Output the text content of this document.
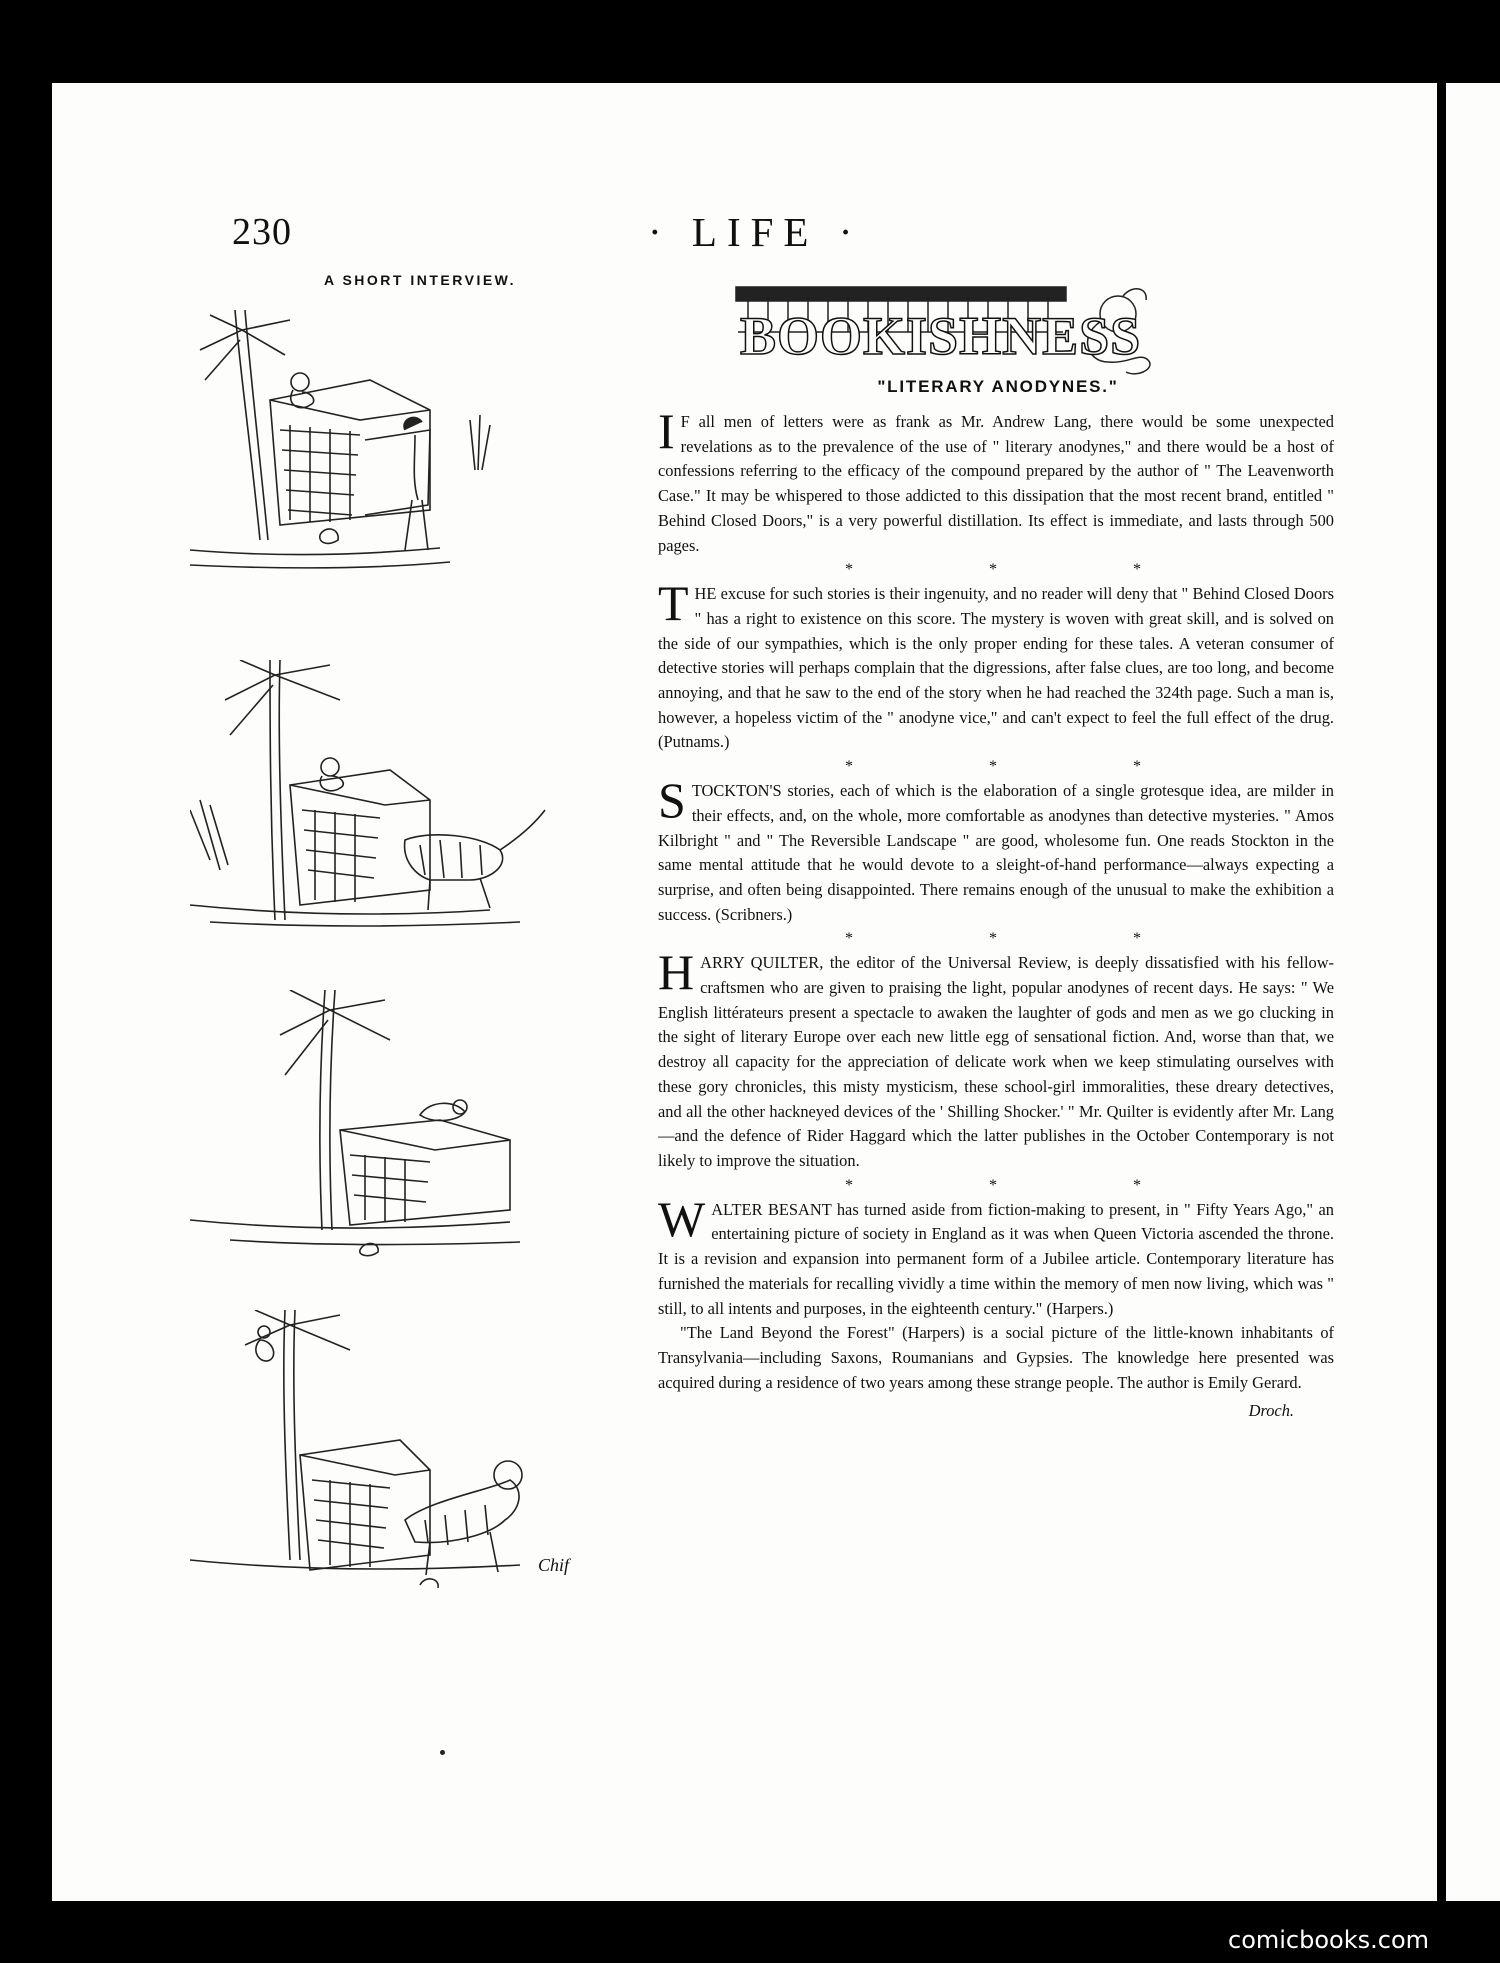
230	· LIFE ·
A SHORT INTERVIEW.
Chif
BOOKISHNESS
"LITERARY ANODYNES."
I F all men of letters were as frank as Mr. Andrew Lang, there would be some unexpected revelations as to the prevalence of the use of " literary anodynes," and there would be a host of confessions referring to the efficacy of the compound prepared by the author of " The Leavenworth Case." It may be whispered to those addicted to this dissipation that the most recent brand, entitled " Behind Closed Doors," is a very powerful distillation. Its effect is immediate, and lasts through 500 pages.

* * *
T HE excuse for such stories is their ingenuity, and no reader will deny that " Behind Closed Doors " has a right to existence on this score. The mystery is woven with great skill, and is solved on the side of our sympathies, which is the only proper ending for these tales. A veteran consumer of detective stories will perhaps complain that the digressions, after false clues, are too long, and become annoying, and that he saw to the end of the story when he had reached the 324th page. Such a man is, however, a hopeless victim of the " anodyne vice," and can't expect to feel the full effect of the drug. (Putnams.)

* * *
S TOCKTON'S stories, each of which is the elaboration of a single grotesque idea, are milder in their effects, and, on the whole, more comfortable as anodynes than detective mysteries. " Amos Kilbright " and " The Reversible Landscape " are good, wholesome fun. One reads Stockton in the same mental attitude that he would devote to a sleight-of-hand performance—always expecting a surprise, and often being disappointed. There remains enough of the unusual to make the exhibition a success. (Scribners.)

* * *
H ARRY QUILTER, the editor of the Universal Review, is deeply dissatisfied with his fellow-craftsmen who are given to praising the light, popular anodynes of recent days. He says: " We English littérateurs present a spectacle to awaken the laughter of gods and men as we go clucking in the sight of literary Europe over each new little egg of sensational fiction. And, worse than that, we destroy all capacity for the appreciation of delicate work when we keep stimulating ourselves with these gory chronicles, this misty mysticism, these school-girl immoralities, these dreary detectives, and all the other hackneyed devices of the ' Shilling Shocker.' " Mr. Quilter is evidently after Mr. Lang—and the defence of Rider Haggard which the latter publishes in the October Contemporary is not likely to improve the situation.

* * *
W ALTER BESANT has turned aside from fiction-making to present, in " Fifty Years Ago," an entertaining picture of society in England as it was when Queen Victoria ascended the throne. It is a revision and expansion into permanent form of a Jubilee article. Contemporary literature has furnished the materials for recalling vividly a time within the memory of men now living, which was " still, to all intents and purposes, in the eighteenth century." (Harpers.)

"The Land Beyond the Forest" (Harpers) is a social picture of the little-known inhabitants of Transylvania—including Saxons, Roumanians and Gypsies. The knowledge here presented was acquired during a residence of two years among these strange people. The author is Emily Gerard.

Droch.

comicbooks.com
